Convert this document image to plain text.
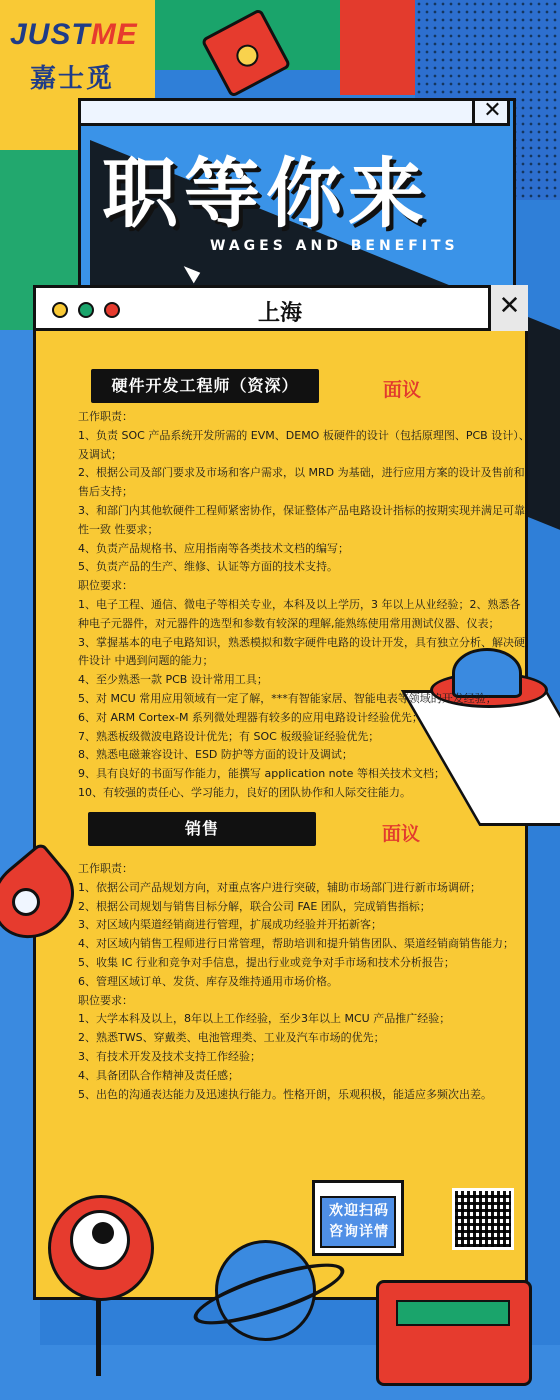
JUSTME
嘉士觅
✕
职等你来
WAGES AND BENEFITS
上海	✕
硬件开发工程师（资深）	面议
工作职责：
1、负责 SOC 产品系统开发所需的 EVM、DEMO 板硬件的设计（包括原理图、PCB 设计）、及调试；
2、根据公司及部门要求及市场和客户需求，以 MRD 为基础，进行应用方案的设计及售前和售后支持；
3、和部门内其他软硬件工程师紧密协作，保证整体产品电路设计指标的按期实现并满足可靠性一致 性要求；
4、负责产品规格书、应用指南等各类技术文档的编写；
5、负责产品的生产、维修、认证等方面的技术支持。
职位要求：
1、电子工程、通信、微电子等相关专业，本科及以上学历，3 年以上从业经验；2、熟悉各种电子元器件，对元器件的选型和参数有较深的理解,能熟练使用常用测试仪器、仪表；
3、掌握基本的电子电路知识，熟悉模拟和数字硬件电路的设计开发，具有独立分析、解决硬件设计 中遇到问题的能力；
4、至少熟悉一款 PCB 设计常用工具；
5、对 MCU 常用应用领域有一定了解，***有智能家居、智能电表等领域的开发经验；
6、对 ARM Cortex-M 系列微处理器有较多的应用电路设计经验优先；
7、熟悉板级微波电路设计优先；有 SOC 板级验证经验优先；
8、熟悉电磁兼容设计、ESD 防护等方面的设计及调试；
9、具有良好的书面写作能力，能撰写 application note 等相关技术文档；
10、有较强的责任心、学习能力，良好的团队协作和人际交往能力。
销售	面议
工作职责：
1、依据公司产品规划方向，对重点客户进行突破，辅助市场部门进行新市场调研；
2、根据公司规划与销售目标分解，联合公司 FAE 团队，完成销售指标；
3、对区域内渠道经销商进行管理，扩展成功经验并开拓新客；
4、对区域内销售工程师进行日常管理，帮助培训和提升销售团队、渠道经销商销售能力；
5、收集 IC 行业和竞争对手信息，提出行业或竞争对手市场和技术分析报告；
6、管理区域订单、发货、库存及维持通用市场价格。
职位要求：
1、大学本科及以上，8年以上工作经验，至少3年以上 MCU 产品推广经验；
2、熟悉TWS、穿戴类、电池管理类、工业及汽车市场的优先；
3、有技术开发及技术支持工作经验；
4、具备团队合作精神及责任感；
5、出色的沟通表达能力及迅速执行能力。性格开朗，乐观积极，能适应多频次出差。
欢迎扫码
咨询详情
